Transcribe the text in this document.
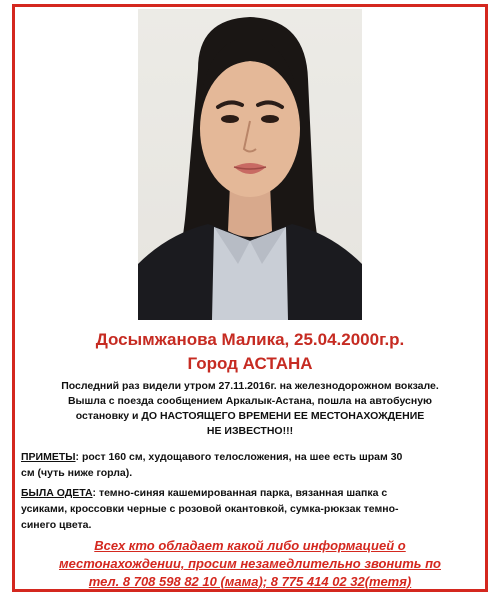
Досымжанова Малика, 25.04.2000г.р.
Город АСТАНА
Последний раз видели утром 27.11.2016г. на железнодорожном вокзале.
Вышла с поезда сообщением Аркалык-Астана, пошла на автобусную
остановку и ДО НАСТОЯЩЕГО ВРЕМЕНИ ЕЕ МЕСТОНАХОЖДЕНИЕ
НЕ ИЗВЕСТНО!!!
ПРИМЕТЫ: рост 160 см, худощавого телосложения, на шее есть шрам 30
см (чуть ниже горла).
БЫЛА ОДЕТА: темно-синяя кашемированная парка, вязанная шапка с
усиками, кроссовки черные с розовой окантовкой, сумка-рюкзак темно-
синего цвета.
Всех кто обладает какой либо информацией о
местонахождении, просим незамедлительно звонить по
тел. 8 708 598 82 10 (мама); 8 775 414 02 32(тетя)
